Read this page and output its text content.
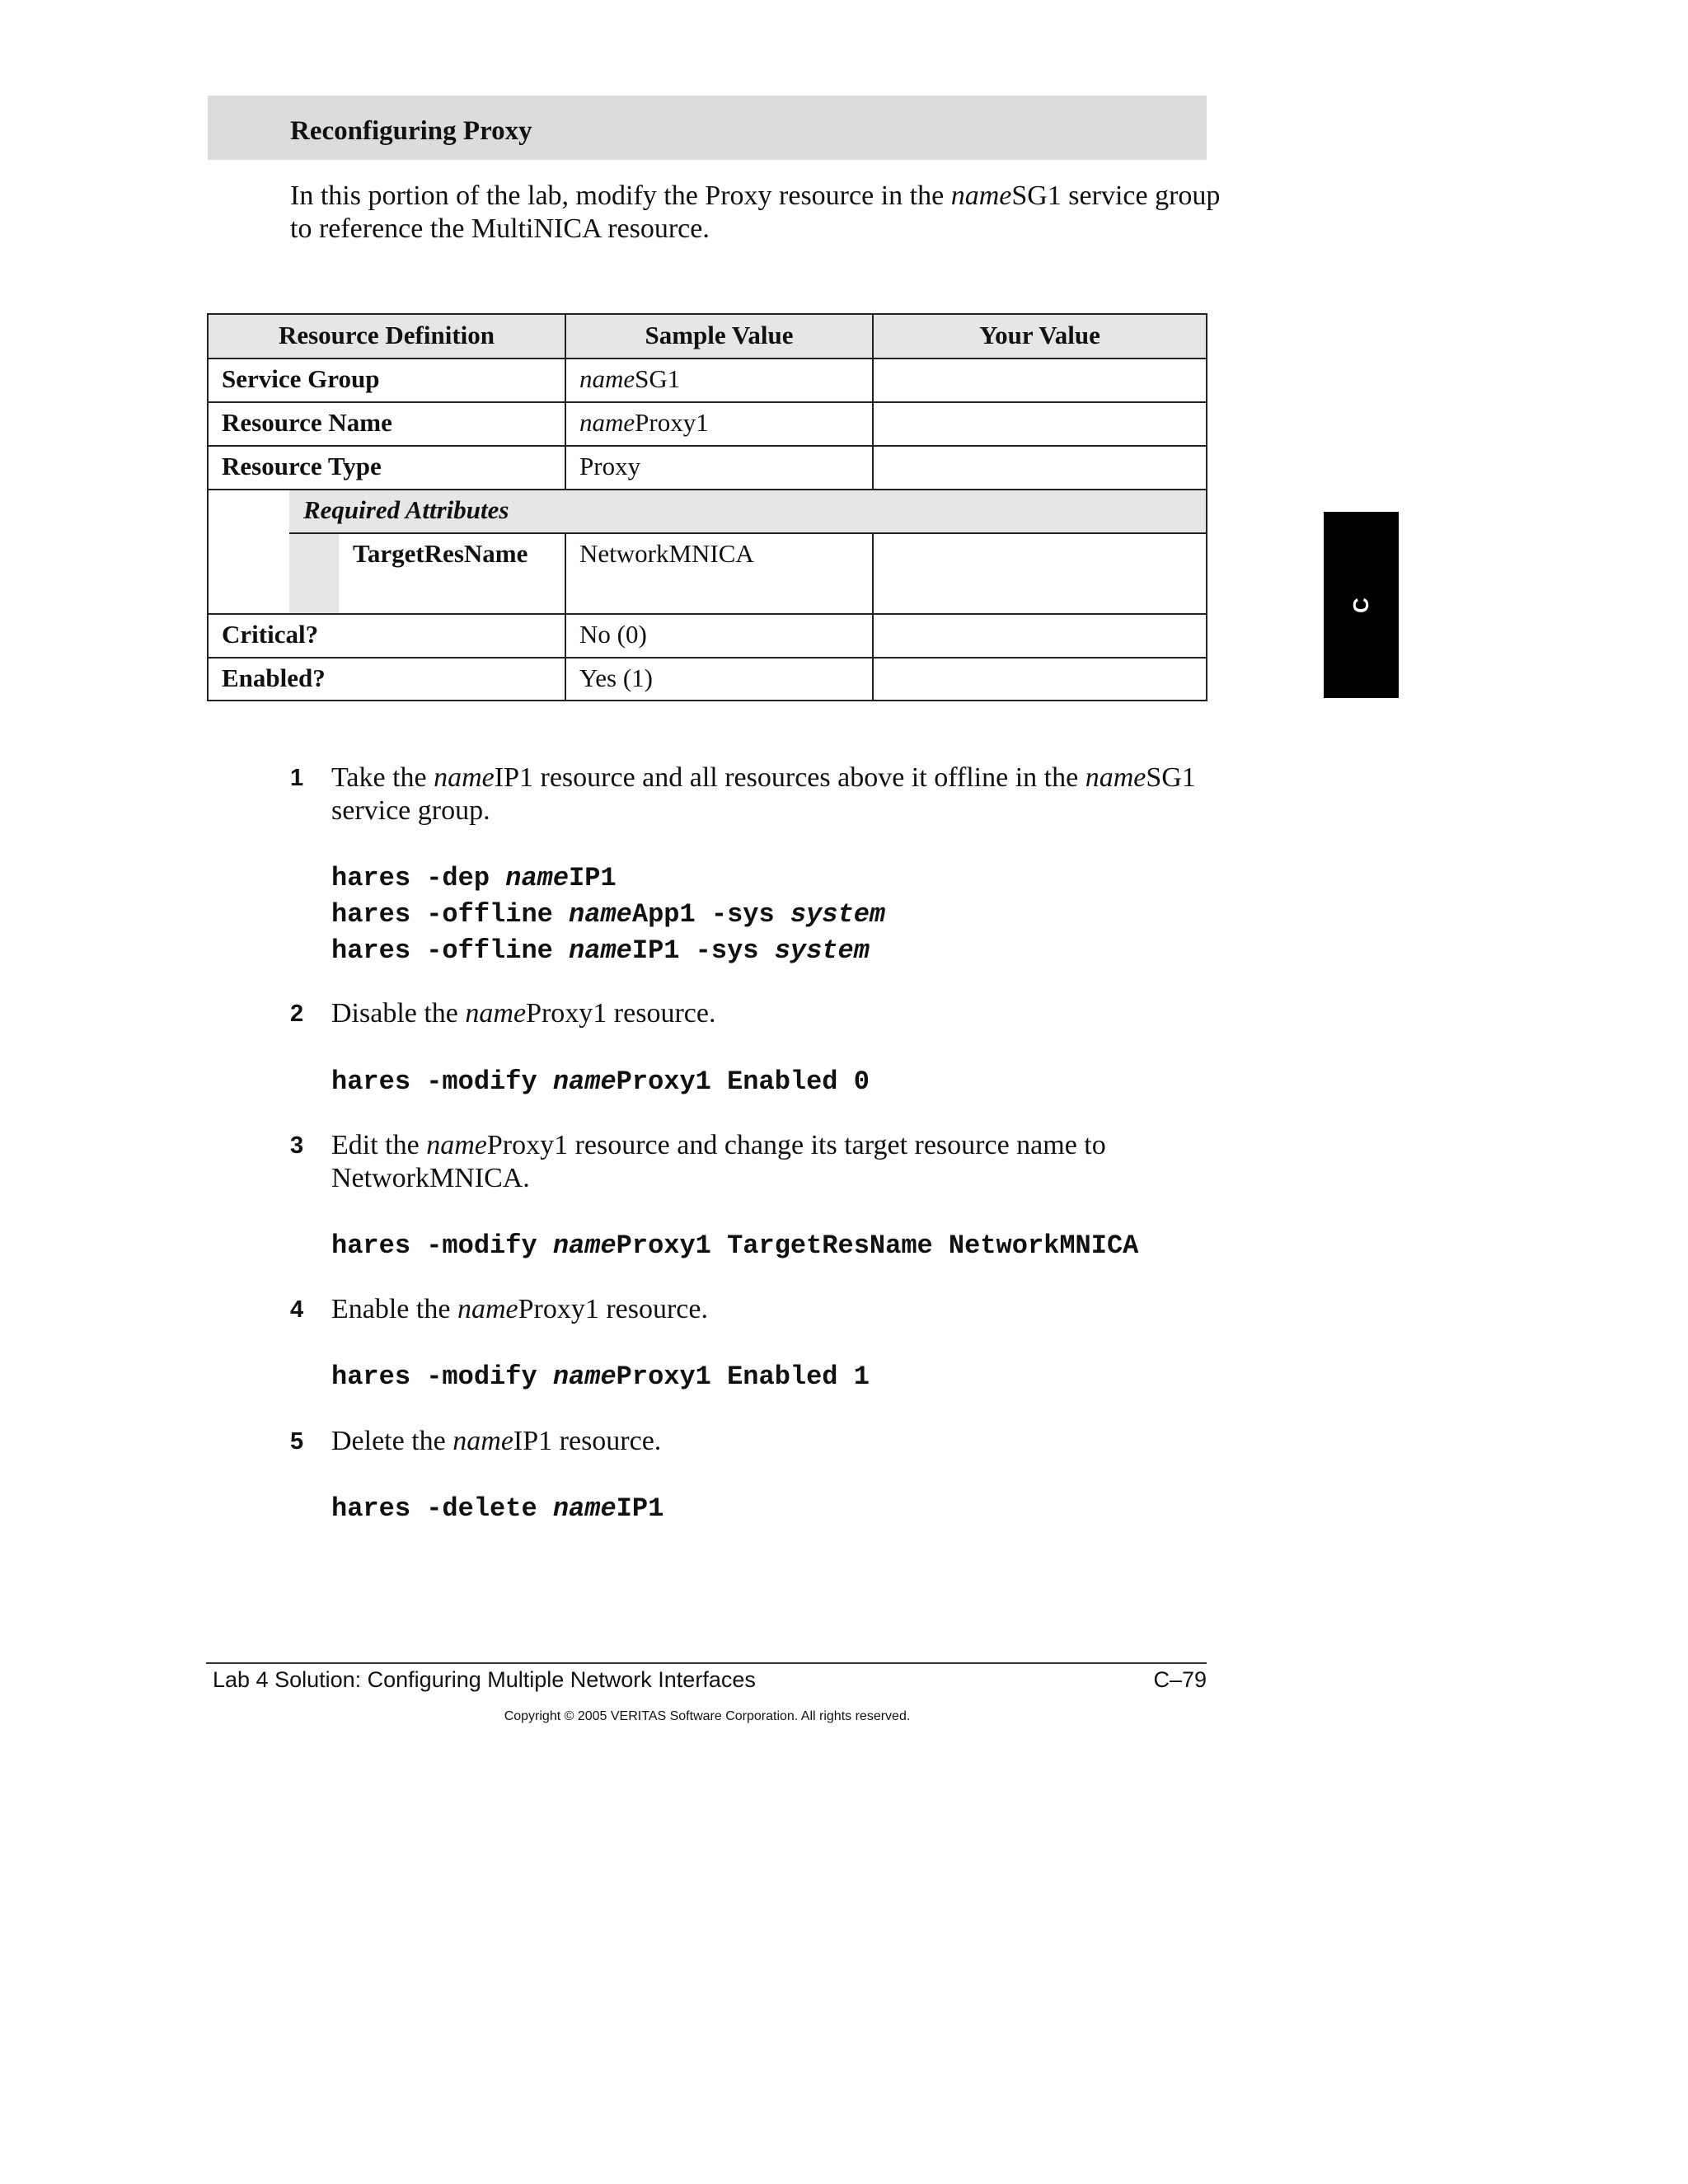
Reconfiguring Proxy
In this portion of the lab, modify the Proxy resource in the nameSG1 service group to reference the MultiNICA resource.
Resource Definition	Sample Value	Your Value
Service Group	nameSG1
Resource Name	nameProxy1
Resource Type	Proxy
Required Attributes
TargetResName NetworkMNICA
Critical?	No (0)
Enabled?	Yes (1)
C
1 Take the nameIP1 resource and all resources above it offline in the nameSG1 service group.
hares -dep nameIP1
hares -offline nameApp1 -sys system
hares -offline nameIP1 -sys system
2 Disable the nameProxy1 resource.
hares -modify nameProxy1 Enabled 0
3 Edit the nameProxy1 resource and change its target resource name to NetworkMNICA.
hares -modify nameProxy1 TargetResName NetworkMNICA
4 Enable the nameProxy1 resource.
hares -modify nameProxy1 Enabled 1
5 Delete the nameIP1 resource.
hares -delete nameIP1
Lab 4 Solution: Configuring Multiple Network Interfaces	C–79
Copyright © 2005 VERITAS Software Corporation. All rights reserved.
